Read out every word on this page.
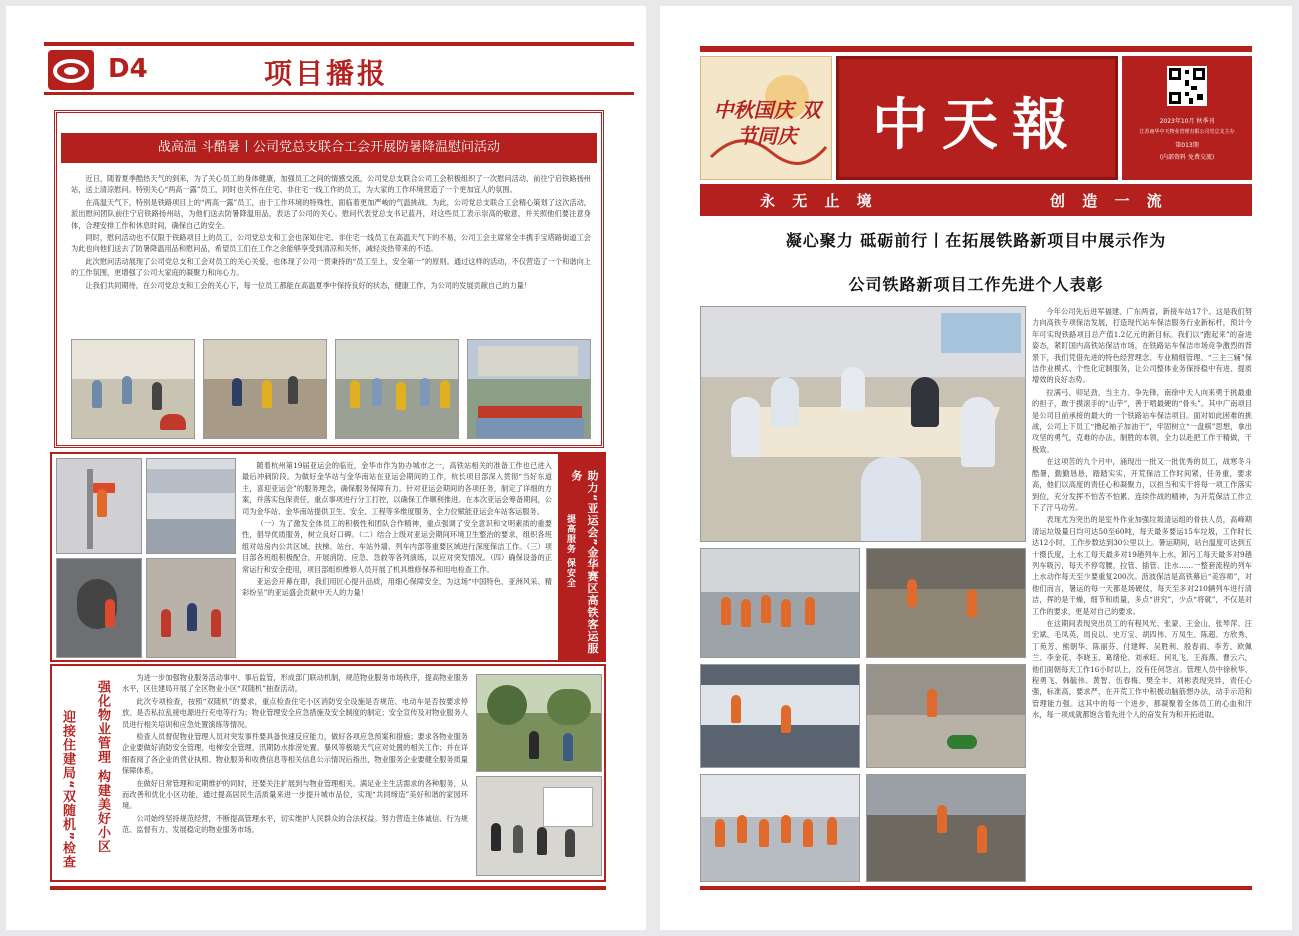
D4	项目播报
战高温 斗酷暑丨公司党总支联合工会开展防暑降温慰问活动

近日，随着夏季酷热天气的到来，为了关心员工的身体健康，加强员工之间的情感交流，公司党总支联合公司工会积极组织了一次慰问活动，前往宁启铁路扬州站，送上清凉慰问。特别关心“两高一露”员工，同时也关怀在住宅、非住宅一线工作的员工，为大家的工作环境营造了一个更加宜人的氛围。

在高温天气下，特别是铁路项目上的“两高一露”员工，由于工作环境的特殊性，面临着更加严峻的气温挑战。为此，公司党总支联合工会精心策划了这次活动，派出慰问团队前往宁启铁路扬州站，为他们送去防暑降温用品，表达了公司的关心。慰问代表党总支书记蓝丹，对这些员工表示崇高的敬意，并关照他们要注意身体，合理安排工作和休息时间，确保自己的安全。

同时，慰问活动也不仅限于铁路项目上的员工，公司党总支和工会也深知住宅、非住宅一线员工在高温天气下的不易，公司工会主席常全丰携手宝塔路街道工会为此也向他们送去了防暑降温用品和慰问品，希望员工们在工作之余能够享受到清凉和关怀，减轻炎热带来的不适。

此次慰问活动展现了公司党总支和工会对员工的关心关爱，也体现了公司一贯秉持的“员工至上，安全第一”的原则。通过这样的活动，不仅营造了一个和谐向上的工作氛围，更增强了公司大家庭的凝聚力和向心力。

让我们共同期待，在公司党总支和工会的关心下，每一位员工都能在高温夏季中保持良好的状态，健康工作，为公司的发展贡献自己的力量！

随着杭州第19届亚运会的临近，金华市作为协办城市之一，高铁站相关的准备工作也已进入最后冲刺阶段。为做好金华站与金华南站在亚运会期间的工作，杭长项目部深入贯彻“当好东道主，喜迎亚运会”的服务理念，确保服务保障有力。针对亚运会期间的各项任务，制定了详细的方案，并落实包保责任，重点事项进行分工打控，以确保工作顺利推进。在本次亚运会筹备期间，公司为金华站、金华南站提供卫生、安全、工程等多维度服务，全力位赋能亚运会车站客运服务。

（一）为了激发全体员工的积极性和团队合作精神，重点强调了安全意识和文明素质的重要性，倡导优质服务，树立良好口碑。（二）结合上级对亚运会期间环境卫生整治的要求，组织各班组对站房内公共区域、扶梯、站台、车站外墙、列车内部等重要区域进行深度保洁工作。（三）项目部各班组积极配合，开展消防、应急、急救等各列演练，以应对突发情况。（四）确保设备的正常运行和安全使用，项目部组织维修人员开展了机具维修保养和用电检查工作。

亚运会开幕在即，我们用匠心提升品质，用细心保障安全，为这场“中国特色、亚洲风采、精彩纷呈”的亚运盛会贡献中天人的力量！	助力“亚运会”金华赛区高铁客运服务
提高服务 保安全
强化物业管理 构建美好小区
迎接住建局“双随机”检查

为进一步加强物业服务活动事中、事后监管，形成部门联动机制，规范物业服务市场秩序，提高物业服务水平，区住建局开展了全区物业小区“双随机”抽查活动。

此次专项检查，按照“双随机”的要求，重点检查住宅小区消防安全设施是否规范、电动车是否按要求停放、是否私拉乱接电源进行充电等行为；物业管理安全应急措施及安全制度的制定；安全宣传及对物业服务人员进行相关培训和应急处置演练等情况。

检查人员督促物业管理人员对突发事件要具备快速反应能力，做好各项应急预案和措施；要求各物业服务企业要做好消防安全管理、电梯安全管理、汛期防水排涝处置、暴风等极端天气应对处置的相关工作；并在详细查阅了各企业的营业执照、物业服务和收费信息等相关信息公示情况后指出，物业服务企业要健全服务质量保障体系。

在做好日常管理和定期维护的同时，还要关注扩展到与物业管理相关、满足业主生活需求的各种服务，从而改善和优化小区功能，通过提高居民生活质量来进一步提升城市品位，实现“共同缔造”美好和谐的家园环境。

公司始终坚持规范经营，不断提高管理水平，切实维护人民群众的合法权益。努力营造主体诚信、行为规范、监督有力、发展稳定的物业服务市场。

中秋国庆 双节同庆	中天報	2023年10月 秋季刊
江苏南华中天物业管理有限公司党总支主办
第013期
(内部资料 免费交流)
永 无 止 境	创 造 一 流
凝心聚力 砥砺前行丨在拓展铁路新项目中展示作为
公司铁路新项目工作先进个人表彰

今年公司先后进军福建、广东两省，新接车站17个。这是我们努力向高铁专项保洁发展，打造现代站车保洁服务行业新标杆，预计今年可实现铁路项目总产值1.2亿元的新目标。我们以“跑起来”的奋进姿态，紧盯国内高铁站保洁市场，在铁路站车保洁市场竞争激烈的背景下，我们凭借先进的特色经营理念、专业精细管理、“三主三辅”保洁作业模式、个性化定制服务，让公司整体业务保持稳中有进、提质增效的良好态势。

拉满弓、卯足劲，当主力、争先锋，南徐中天人向来勇于挑最重的担子，敢于摸滚手的“山芋”，善于啃最硬的“骨头”。其中广南项目是公司目前承接的最大的一个铁路站车保洁项目。面对如此困难的挑战，公司上下员工“撸起袖子加油干”，牢固树立“一盘棋”思想，拿出攻坚的勇气，克难的办法，制胜的本领，全力以赴把工作干精做，干极致。

在这项苦的九个月中，涌现出一批又一批优秀的员工，战寒冬斗酷暑，勤勤恳恳，踏踏实实，开荒保洁工作时间紧，任务重，要求高，他们以高度的责任心和凝聚力，以担当和实干将每一项工作落实到位，充分发挥不怕苦不怕累、连续作战的精神，为开荒保洁工作立下了汗马功劳。

表现尤为突出的是室外作业加强垃圾清运组的骨扶人员，高峰期清运垃圾量日均可达50至60吨，每天最多要运15车垃圾，工作时长达12小时，工作步数达到30公里以上。暑运期间，站台温度可达到五十摄氏度，上水工每天最多对19趟列车上水，卸污工每天最多对9趟列车吸污，每天不停弯腰，拉管、插管、注水……一整套流程的列车上水动作每天至少要重复200次。沥波保洁是高铁幕后“美容师”，对他们而言，暑运的每一天都是场硬仗，每天至多对210辆列车进行清洁，挥的是干燥，细节和质量，多点“讲究”，少点“将就”，不仅是对工作的要求，更是对自己的要求。

在这期间表现突出员工的有程风光、张蒙、王金山、张琴萍、汪宏斌、毛凤英、周良以、史万宝、胡四伟、万凤生、陈超、方欣秀、丁苑芳、熊朝华、陈丽芬、付建辉、吴胜利、殷春雨、李芳、欧佩兰、李金花、李晓玉、葛绪伦、刘承旺、何礼飞、王海燕、曹云六，他们面朝每天工作16小时以上，没有任何怨言。管理人员中徐秋华、程勇飞、韩毓伟、黄智、伍春梅、樊全丰、刘彬表现突异，责任心强，标准高，要求严，在开荒工作中积极动脑筋想办法，动手示范和管理能力强。这其中的每一个进步，都凝聚着全体员工的心血和汗水，每一项成就都饱含着先进个人的奋发有为和开拓进取。
